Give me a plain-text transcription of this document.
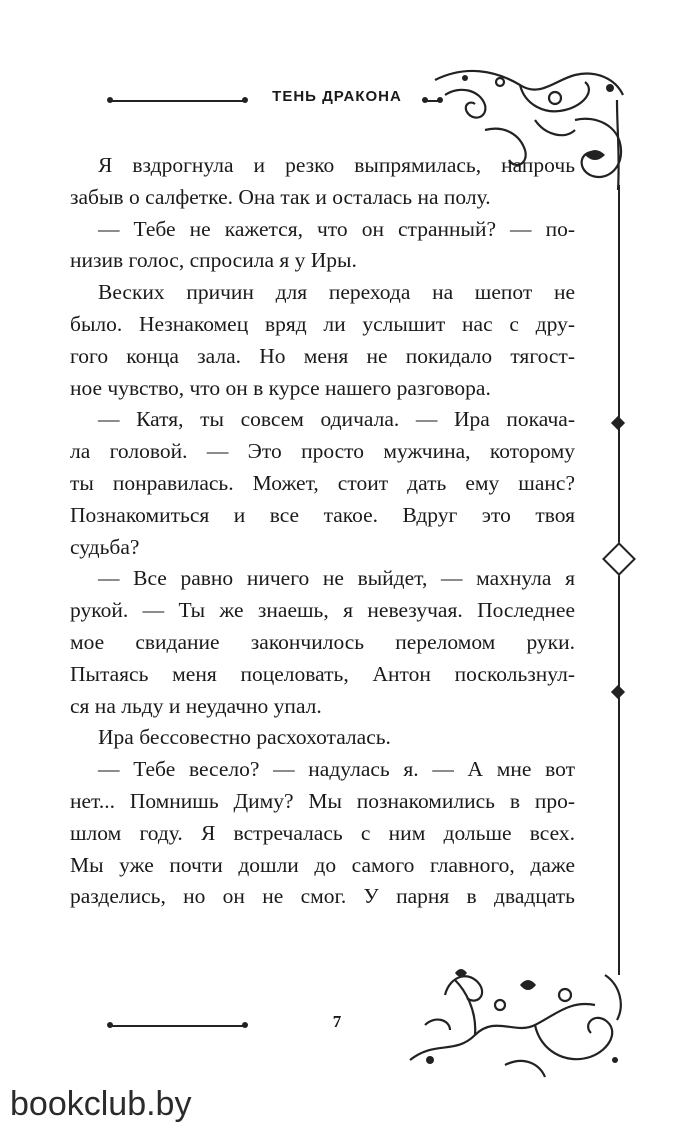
ТЕНЬ ДРАКОНА
Я вздрогнула и резко выпрямилась, напрочь
забыв о салфетке. Она так и осталась на полу.
— Тебе не кажется, что он странный? — по-
низив голос, спросила я у Иры.
Веских причин для перехода на шепот не
было. Незнакомец вряд ли услышит нас с дру-
гого конца зала. Но меня не покидало тягост-
ное чувство, что он в курсе нашего разговора.
— Катя, ты совсем одичала. — Ира покача-
ла головой. — Это просто мужчина, которому
ты понравилась. Может, стоит дать ему шанс?
Познакомиться и все такое. Вдруг это твоя
судьба?
— Все равно ничего не выйдет, — махнула я
рукой. — Ты же знаешь, я невезучая. Последнее
мое свидание закончилось переломом руки.
Пытаясь меня поцеловать, Антон поскользнул-
ся на льду и неудачно упал.
Ира бессовестно расхохоталась.
— Тебе весело? — надулась я. — А мне вот
нет... Помнишь Диму? Мы познакомились в про-
шлом году. Я встречалась с ним дольше всех.
Мы уже почти дошли до самого главного, даже
разделись, но он не смог. У парня в двадцать
7
bookclub.by
